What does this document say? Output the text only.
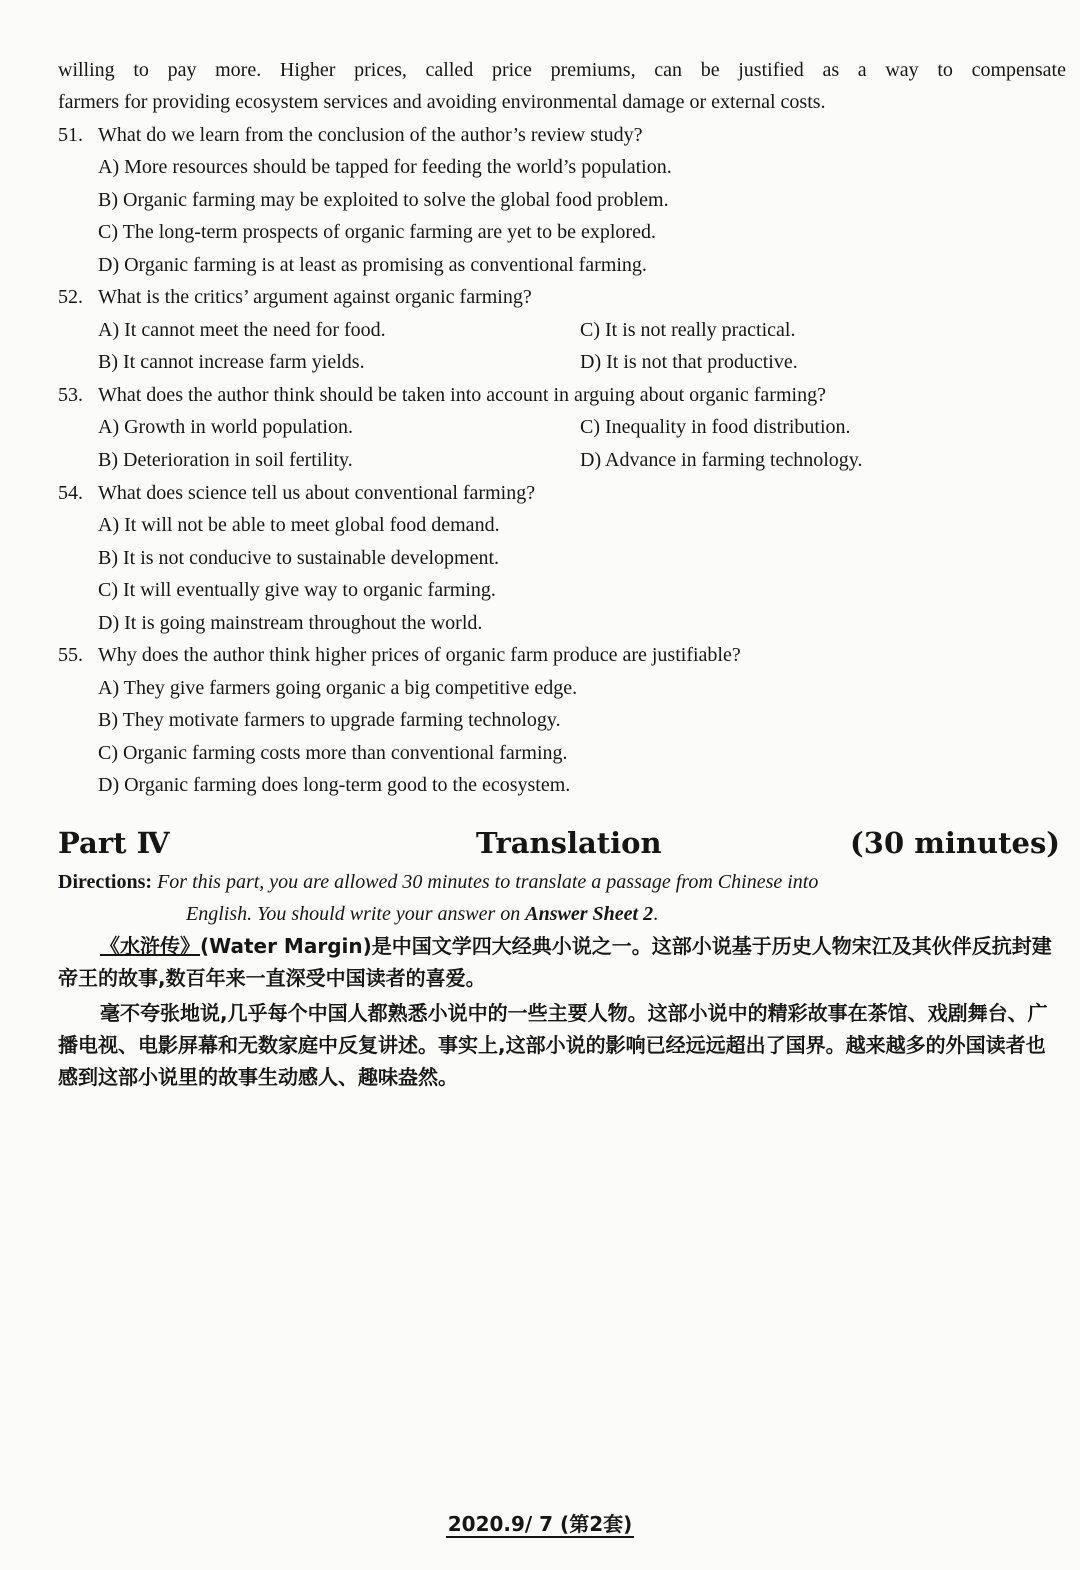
willing to pay more. Higher prices, called price premiums, can be justified as a way to compensate
farmers for providing ecosystem services and avoiding environmental damage or external costs.
51. What do we learn from the conclusion of the author’s review study?
A) More resources should be tapped for feeding the world’s population.
B) Organic farming may be exploited to solve the global food problem.
C) The long-term prospects of organic farming are yet to be explored.
D) Organic farming is at least as promising as conventional farming.
52. What is the critics’ argument against organic farming?
A) It cannot meet the need for food.	C) It is not really practical.
B) It cannot increase farm yields.	D) It is not that productive.
53. What does the author think should be taken into account in arguing about organic farming?
A) Growth in world population.	C) Inequality in food distribution.
B) Deterioration in soil fertility.	D) Advance in farming technology.
54. What does science tell us about conventional farming?
A) It will not be able to meet global food demand.
B) It is not conducive to sustainable development.
C) It will eventually give way to organic farming.
D) It is going mainstream throughout the world.
55. Why does the author think higher prices of organic farm produce are justifiable?
A) They give farmers going organic a big competitive edge.
B) They motivate farmers to upgrade farming technology.
C) Organic farming costs more than conventional farming.
D) Organic farming does long-term good to the ecosystem.
Part Ⅳ	Translation	(30 minutes)
Directions: For this part, you are allowed 30 minutes to translate a passage from Chinese into
English. You should write your answer on Answer Sheet 2.

《水浒传》(Water Margin)是中国文学四大经典小说之一。这部小说基于历史人物宋江及其伙伴反抗封建帝王的故事,数百年来一直深受中国读者的喜爱。

毫不夸张地说,几乎每个中国人都熟悉小说中的一些主要人物。这部小说中的精彩故事在茶馆、戏剧舞台、广播电视、电影屏幕和无数家庭中反复讲述。事实上,这部小说的影响已经远远超出了国界。越来越多的外国读者也感到这部小说里的故事生动感人、趣味盎然。

2020.9/ 7 (第2套)
